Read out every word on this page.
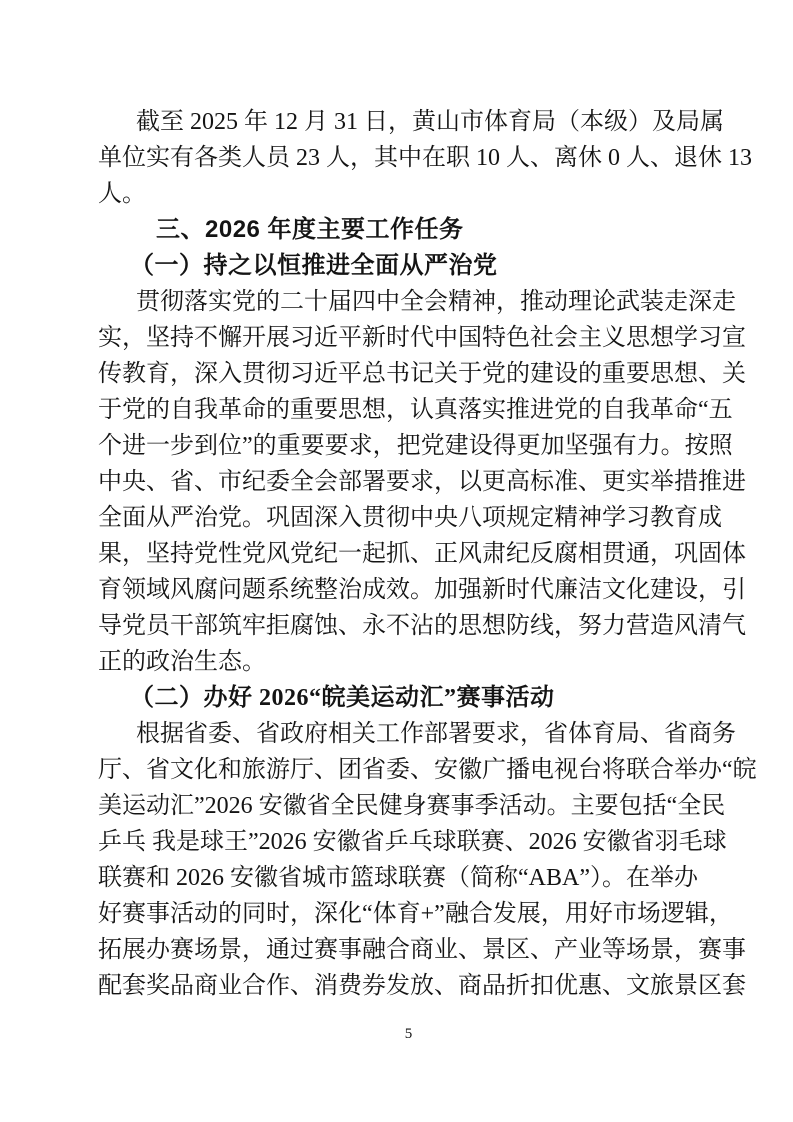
截至 2025 年 12 月 31 日，黄山市体育局（本级）及局属
单位实有各类人员 23 人，其中在职 10 人、离休 0 人、退休 13
人。
三、2026 年度主要工作任务
（一）持之以恒推进全面从严治党
贯彻落实党的二十届四中全会精神，推动理论武装走深走
实，坚持不懈开展习近平新时代中国特色社会主义思想学习宣
传教育，深入贯彻习近平总书记关于党的建设的重要思想、关
于党的自我革命的重要思想，认真落实推进党的自我革命“五
个进一步到位”的重要要求，把党建设得更加坚强有力。按照
中央、省、市纪委全会部署要求，以更高标准、更实举措推进
全面从严治党。巩固深入贯彻中央八项规定精神学习教育成
果，坚持党性党风党纪一起抓、正风肃纪反腐相贯通，巩固体
育领域风腐问题系统整治成效。加强新时代廉洁文化建设，引
导党员干部筑牢拒腐蚀、永不沾的思想防线，努力营造风清气
正的政治生态。
（二）办好 2026“皖美运动汇”赛事活动
根据省委、省政府相关工作部署要求，省体育局、省商务
厅、省文化和旅游厅、团省委、安徽广播电视台将联合举办“皖
美运动汇”2026 安徽省全民健身赛事季活动。主要包括“全民
乒乓 我是球王”2026 安徽省乒乓球联赛、2026 安徽省羽毛球
联赛和 2026 安徽省城市篮球联赛（简称“ABA”）。在举办
好赛事活动的同时，深化“体育+”融合发展，用好市场逻辑，
拓展办赛场景，通过赛事融合商业、景区、产业等场景，赛事
配套奖品商业合作、消费券发放、商品折扣优惠、文旅景区套
5
